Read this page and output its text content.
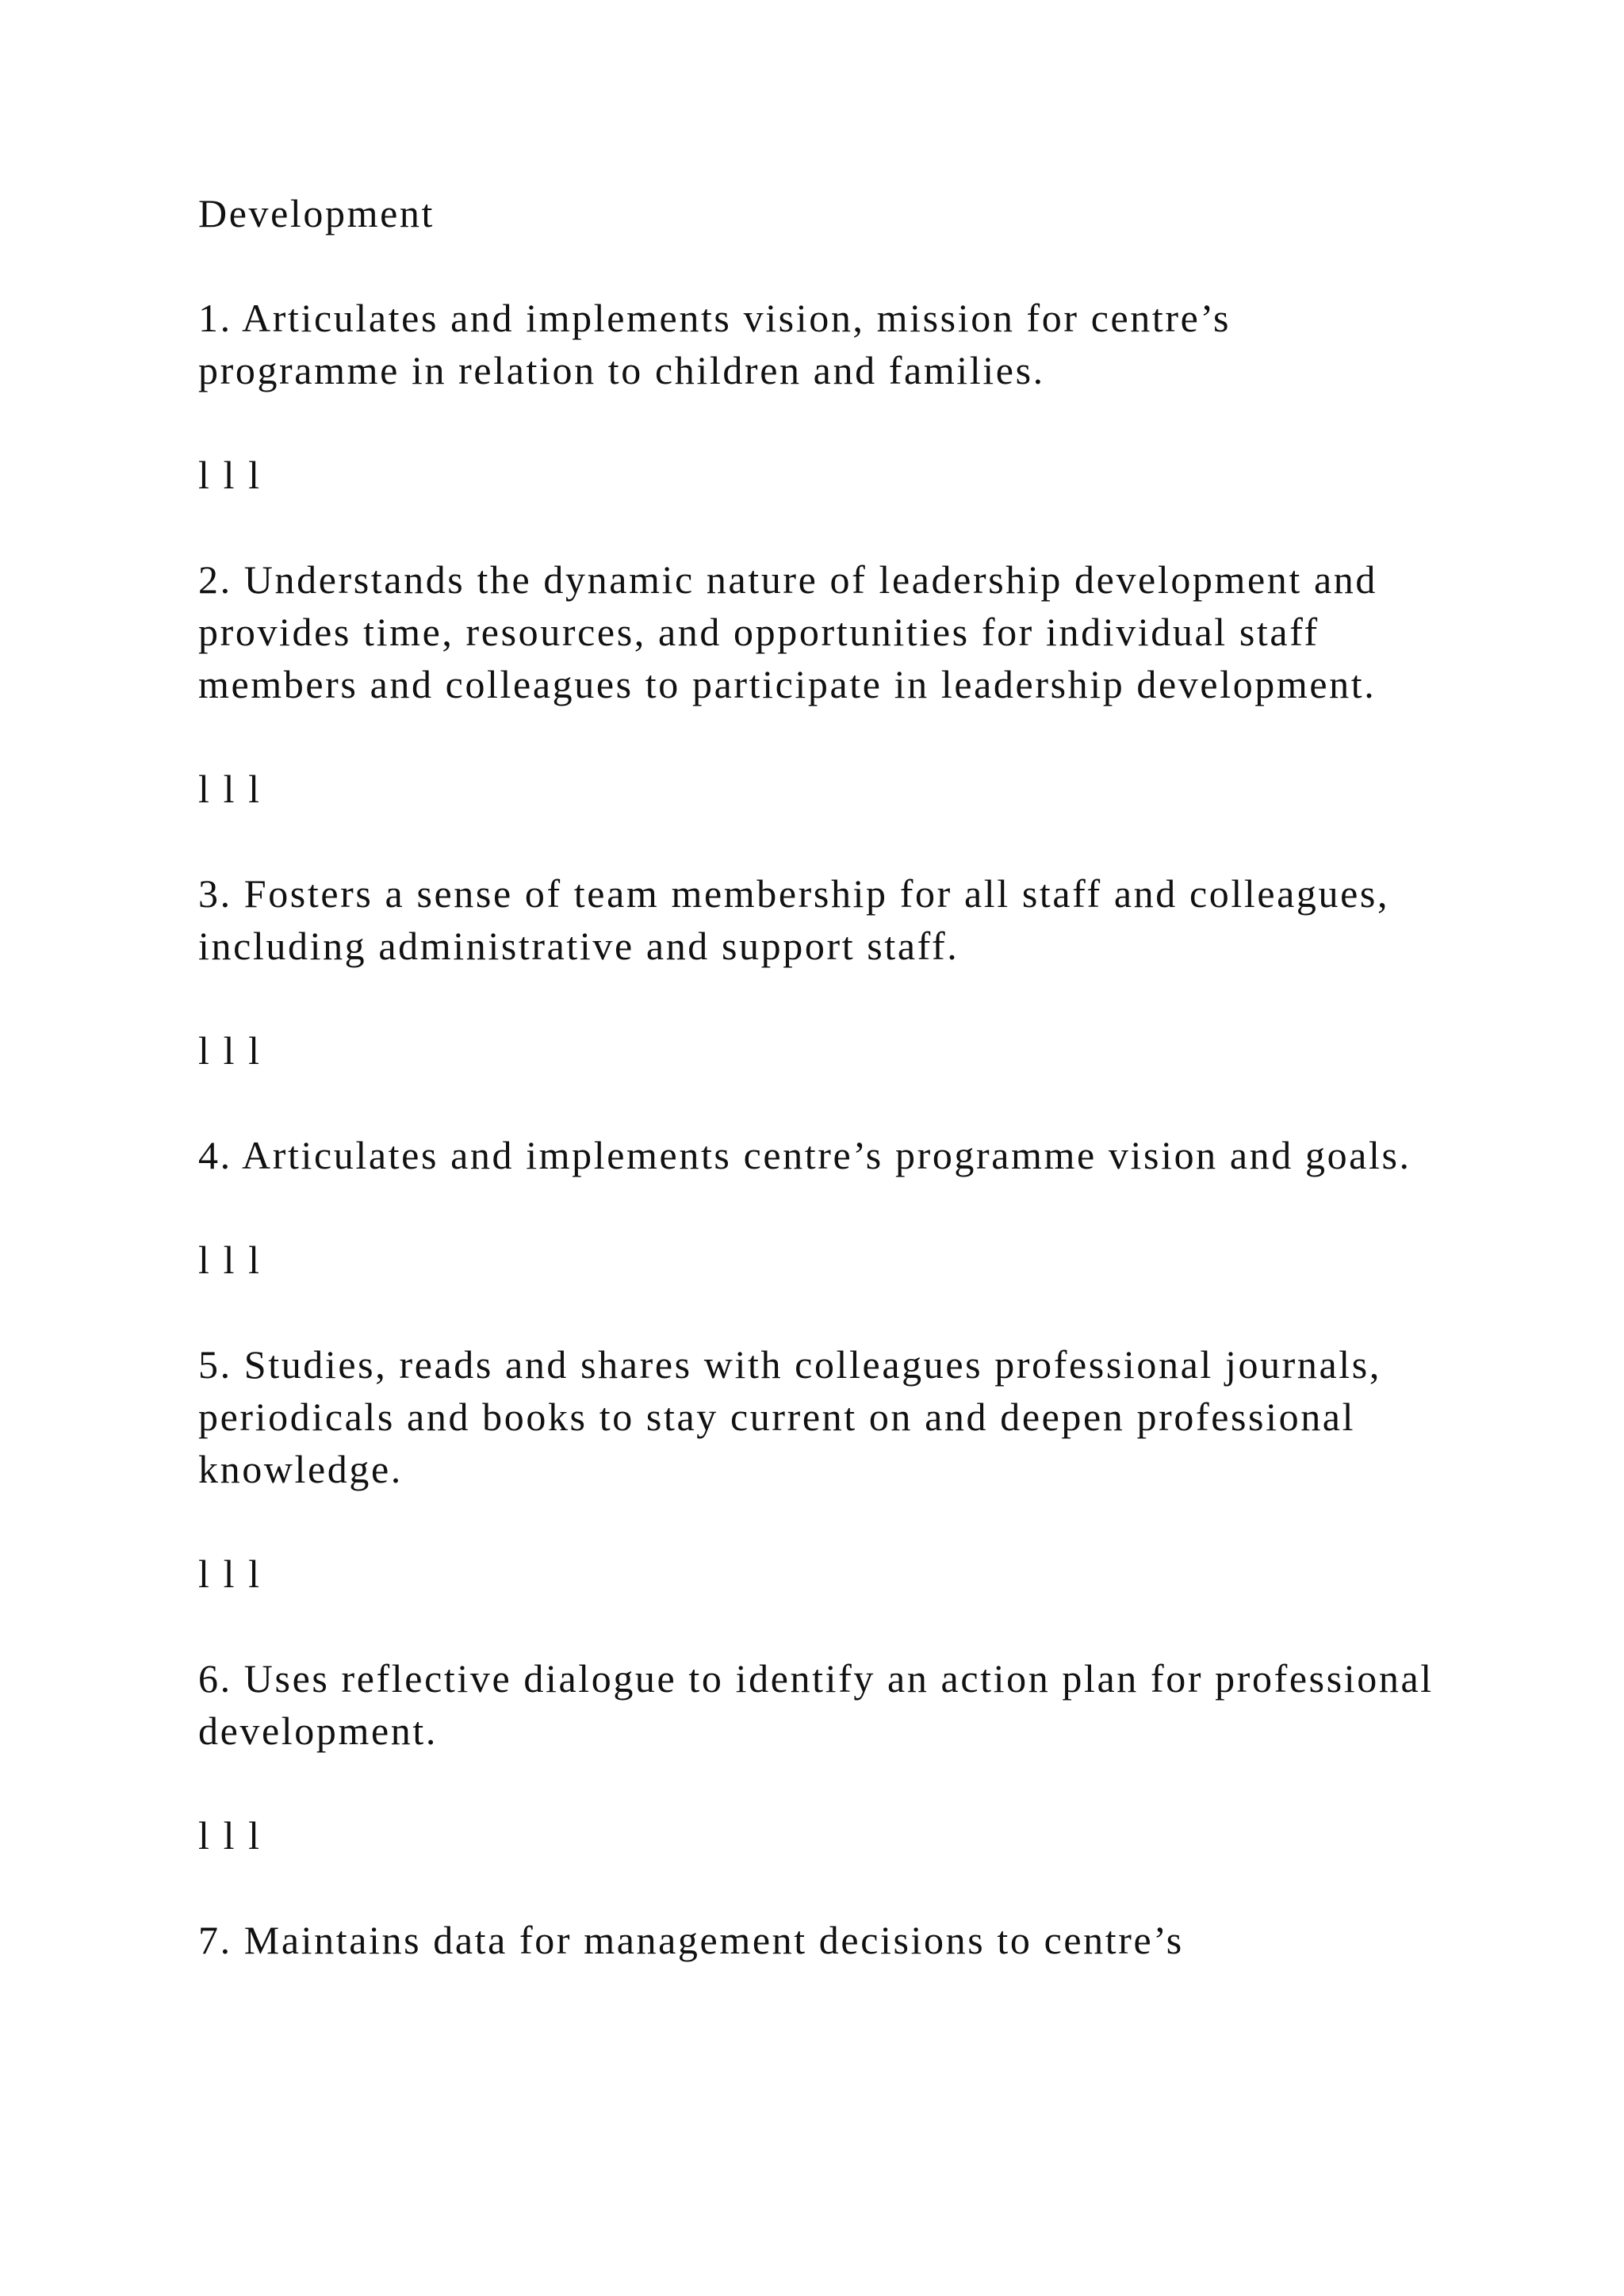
Development

1. Articulates and implements vision, mission for centre’s programme in relation to children and families.

l l l

2. Understands the dynamic nature of leadership development and provides time, resources, and opportunities for individual staff members and colleagues to participate in leadership development.

l l l

3. Fosters a sense of team membership for all staff and colleagues, including administrative and support staff.

l l l

4. Articulates and implements centre’s programme vision and goals.

l l l

5. Studies, reads and shares with colleagues professional journals, periodicals and books to stay current on and deepen professional knowledge.

l l l

6. Uses reflective dialogue to identify an action plan for professional development.

l l l

7. Maintains data for management decisions to centre’s
